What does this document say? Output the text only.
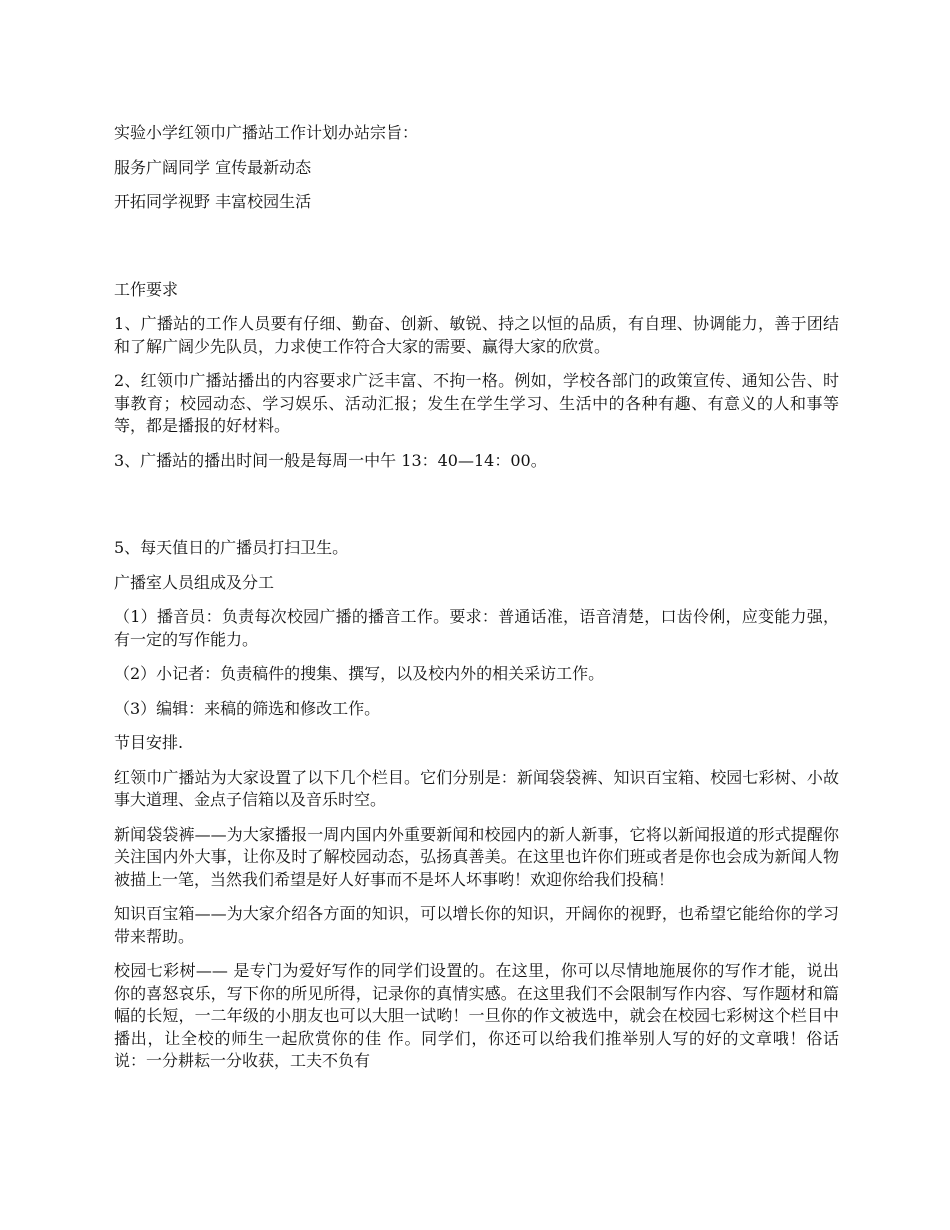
实验小学红领巾广播站工作计划办站宗旨：

服务广阔同学 宣传最新动态

开拓同学视野 丰富校园生活

工作要求

1、广播站的工作人员要有仔细、勤奋、创新、敏锐、持之以恒的品质，有自理、协调能力，善于团结和了解广阔少先队员，力求使工作符合大家的需要、赢得大家的欣赏。

2、红领巾广播站播出的内容要求广泛丰富、不拘一格。例如，学校各部门的政策宣传、通知公告、时事教育；校园动态、学习娱乐、活动汇报；发生在学生学习、生活中的各种有趣、有意义的人和事等等，都是播报的好材料。

3、广播站的播出时间一般是每周一中午 13：40—14：00。

5、每天值日的广播员打扫卫生。

广播室人员组成及分工

（1）播音员：负责每次校园广播的播音工作。要求：普通话准，语音清楚，口齿伶俐，应变能力强，有一定的写作能力。

（2）小记者：负责稿件的搜集、撰写，以及校内外的相关采访工作。

（3）编辑：来稿的筛选和修改工作。

节目安排.

红领巾广播站为大家设置了以下几个栏目。它们分别是：新闻袋袋裤、知识百宝箱、校园七彩树、小故事大道理、金点子信箱以及音乐时空。

新闻袋袋裤——为大家播报一周内国内外重要新闻和校园内的新人新事，它将以新闻报道的形式提醒你关注国内外大事，让你及时了解校园动态，弘扬真善美。在这里也许你们班或者是你也会成为新闻人物被描上一笔，当然我们希望是好人好事而不是坏人坏事哟！欢迎你给我们投稿！

知识百宝箱——为大家介绍各方面的知识，可以增长你的知识，开阔你的视野，也希望它能给你的学习带来帮助。

校园七彩树—— 是专门为爱好写作的同学们设置的。在这里，你可以尽情地施展你的写作才能，说出你的喜怒哀乐，写下你的所见所得，记录你的真情实感。在这里我们不会限制写作内容、写作题材和篇幅的长短，一二年级的小朋友也可以大胆一试哟！一旦你的作文被选中，就会在校园七彩树这个栏目中播出，让全校的师生一起欣赏你的佳 作。同学们，你还可以给我们推举别人写的好的文章哦！俗话说：一分耕耘一分收获，工夫不负有
